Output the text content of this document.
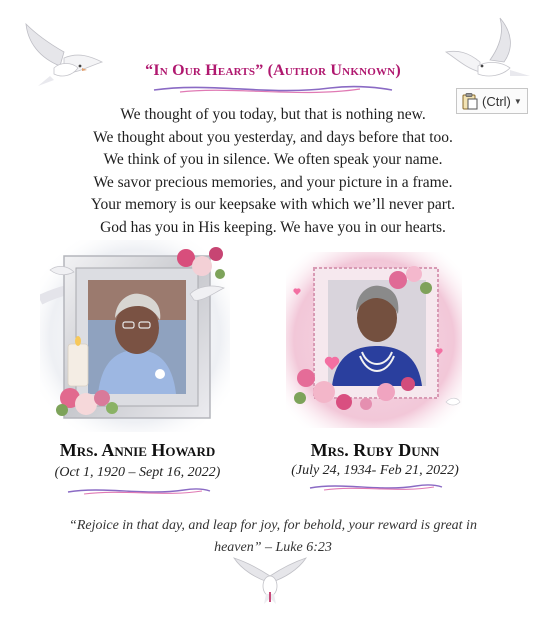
“In Our Hearts” (Author Unknown)
(Ctrl) ▼
We thought of you today, but that is nothing new.
We thought about you yesterday, and days before that too.
We think of you in silence. We often speak your name.
We savor precious memories, and your picture in a frame.
Your memory is our keepsake with which we’ll never part.
God has you in His keeping. We have you in our hearts.
Mrs. Annie Howard
(Oct 1, 1920 – Sept 16, 2022)
Mrs. Ruby Dunn
(July 24, 1934- Feb 21, 2022)
“Rejoice in that day, and leap for joy, for behold, your reward is great in heaven” – Luke 6:23
